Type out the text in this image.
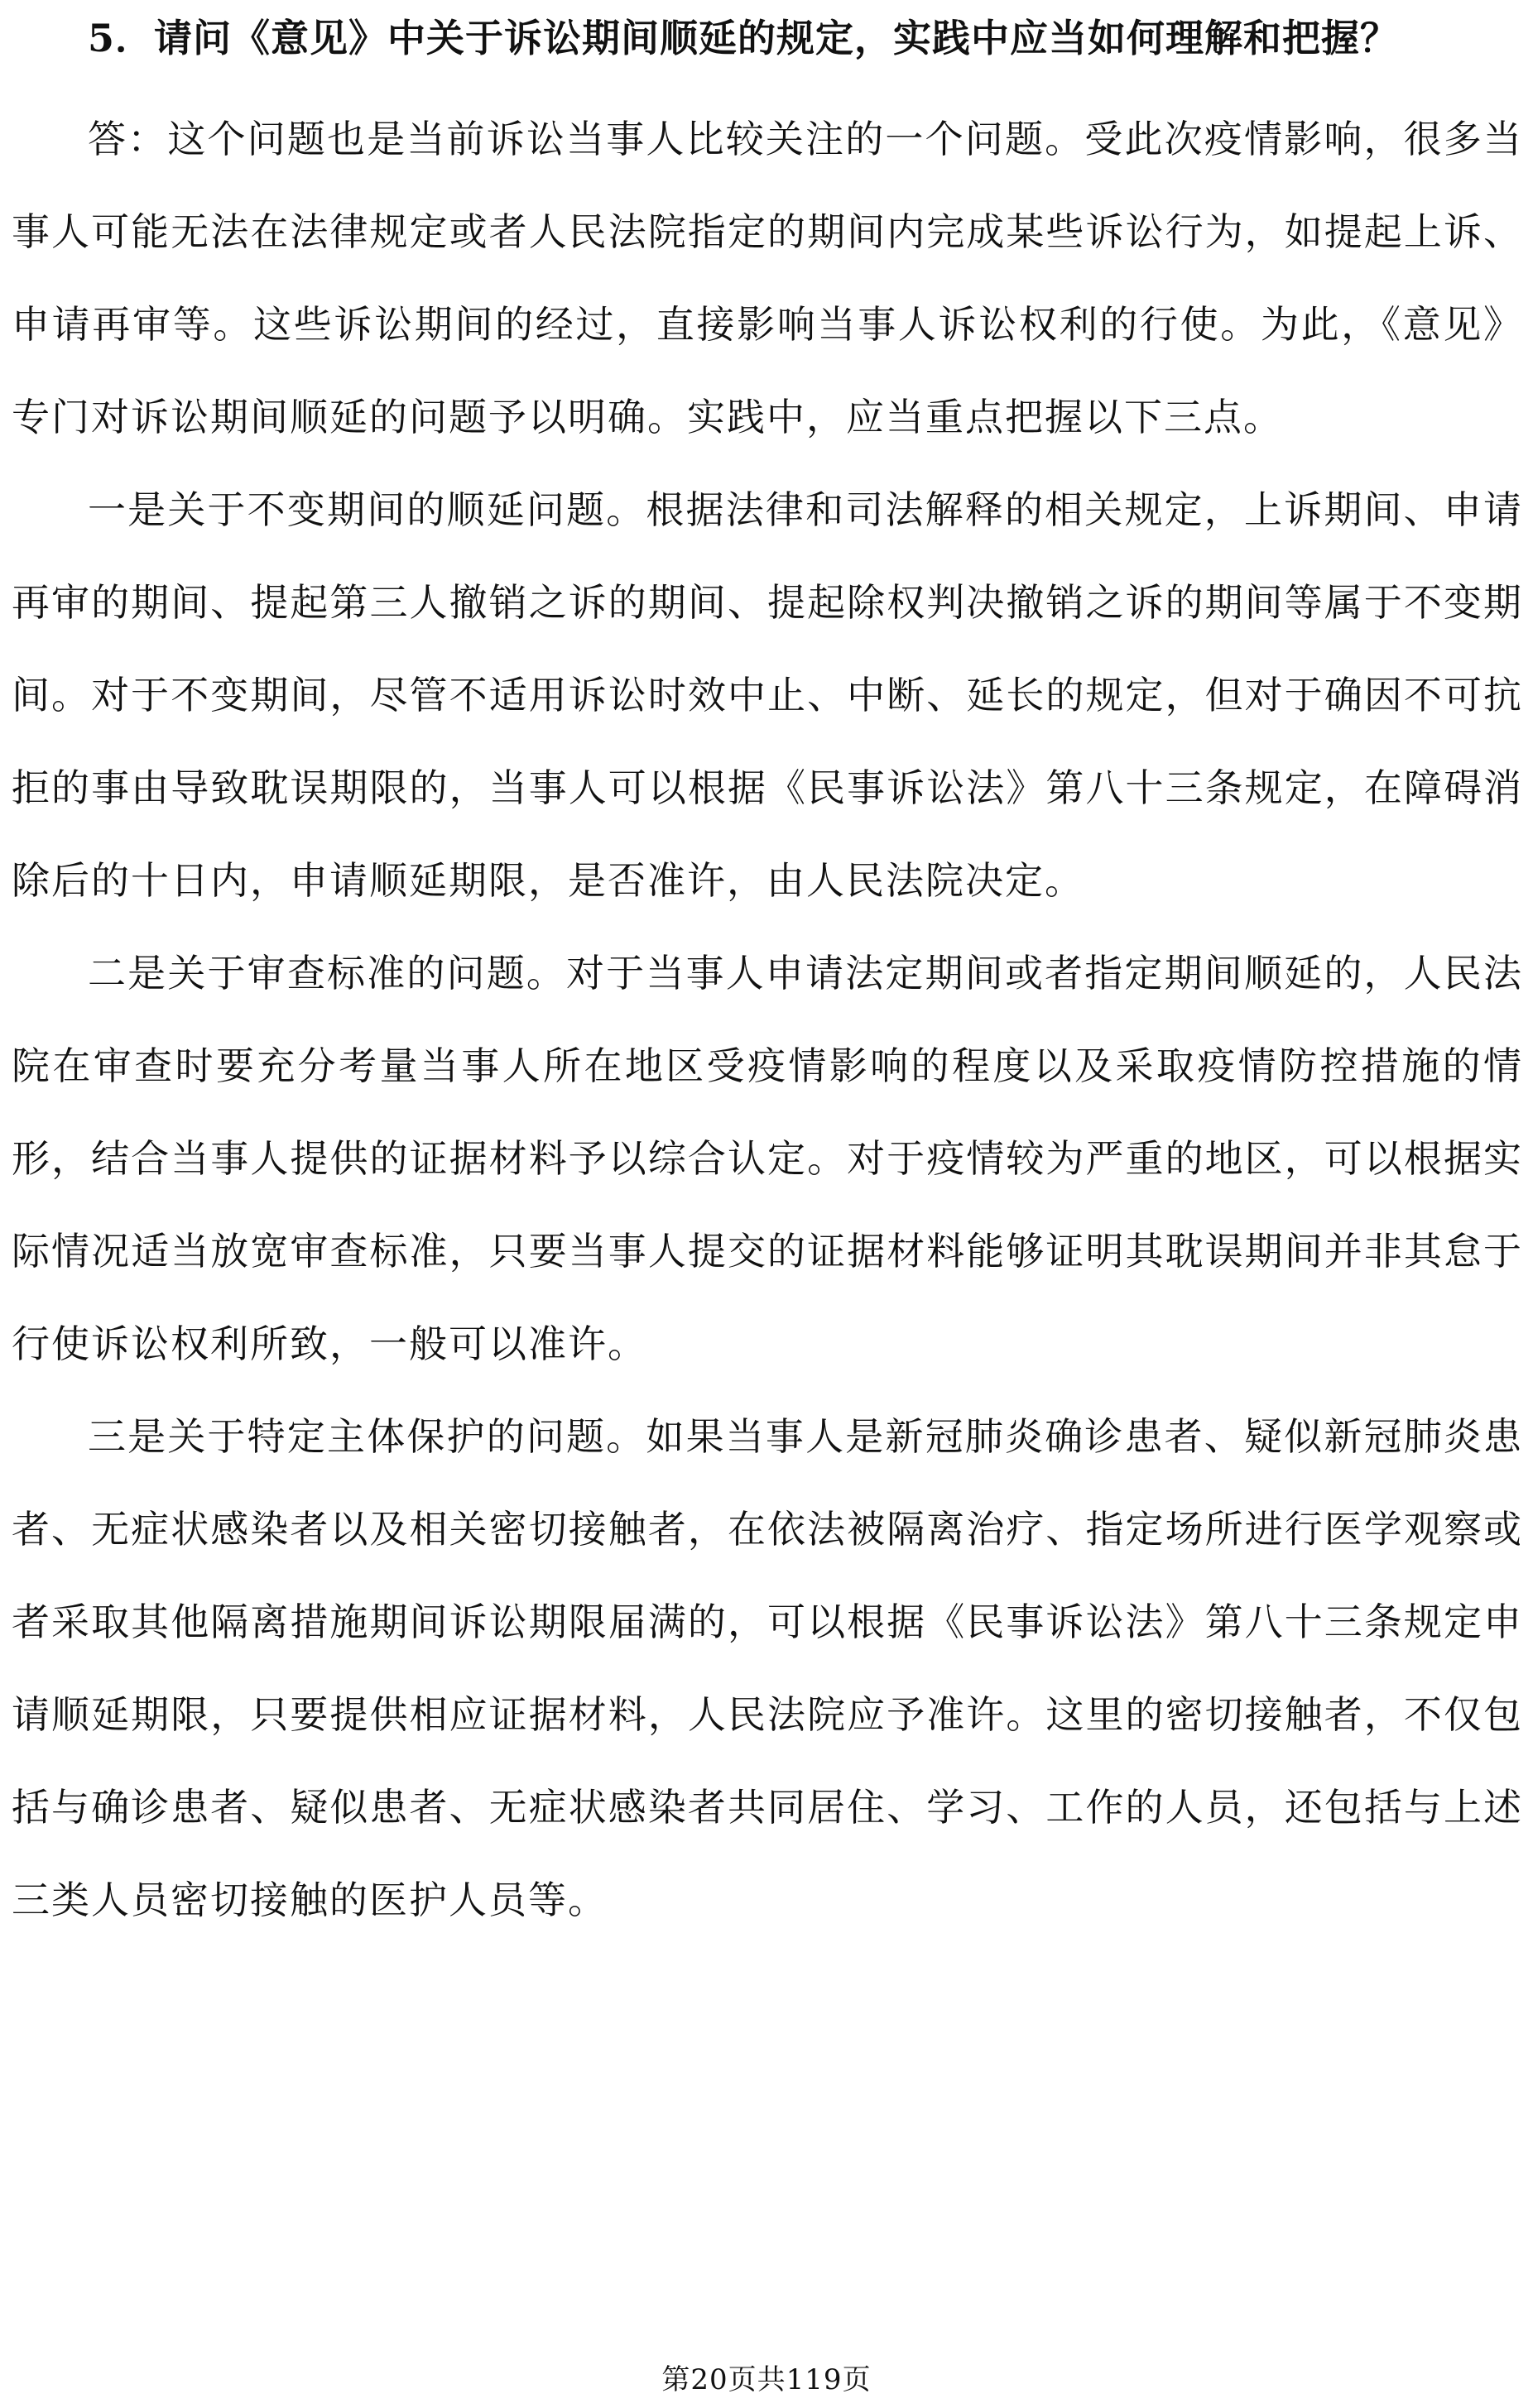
5．请问《意见》中关于诉讼期间顺延的规定，实践中应当如何理解和把握？

答：这个问题也是当前诉讼当事人比较关注的一个问题。受此次疫情影响，很多当事人可能无法在法律规定或者人民法院指定的期间内完成某些诉讼行为，如提起上诉、申请再审等。这些诉讼期间的经过，直接影响当事人诉讼权利的行使。为此，《意见》专门对诉讼期间顺延的问题予以明确。实践中，应当重点把握以下三点。

一是关于不变期间的顺延问题。根据法律和司法解释的相关规定，上诉期间、申请再审的期间、提起第三人撤销之诉的期间、提起除权判决撤销之诉的期间等属于不变期间。对于不变期间，尽管不适用诉讼时效中止、中断、延长的规定，但对于确因不可抗拒的事由导致耽误期限的，当事人可以根据《民事诉讼法》第八十三条规定，在障碍消除后的十日内，申请顺延期限，是否准许，由人民法院决定。

二是关于审查标准的问题。对于当事人申请法定期间或者指定期间顺延的，人民法院在审查时要充分考量当事人所在地区受疫情影响的程度以及采取疫情防控措施的情形，结合当事人提供的证据材料予以综合认定。对于疫情较为严重的地区，可以根据实际情况适当放宽审查标准，只要当事人提交的证据材料能够证明其耽误期间并非其怠于行使诉讼权利所致，一般可以准许。

三是关于特定主体保护的问题。如果当事人是新冠肺炎确诊患者、疑似新冠肺炎患者、无症状感染者以及相关密切接触者，在依法被隔离治疗、指定场所进行医学观察或者采取其他隔离措施期间诉讼期限届满的，可以根据《民事诉讼法》第八十三条规定申请顺延期限，只要提供相应证据材料，人民法院应予准许。这里的密切接触者，不仅包括与确诊患者、疑似患者、无症状感染者共同居住、学习、工作的人员，还包括与上述三类人员密切接触的医护人员等。

第20页共119页
